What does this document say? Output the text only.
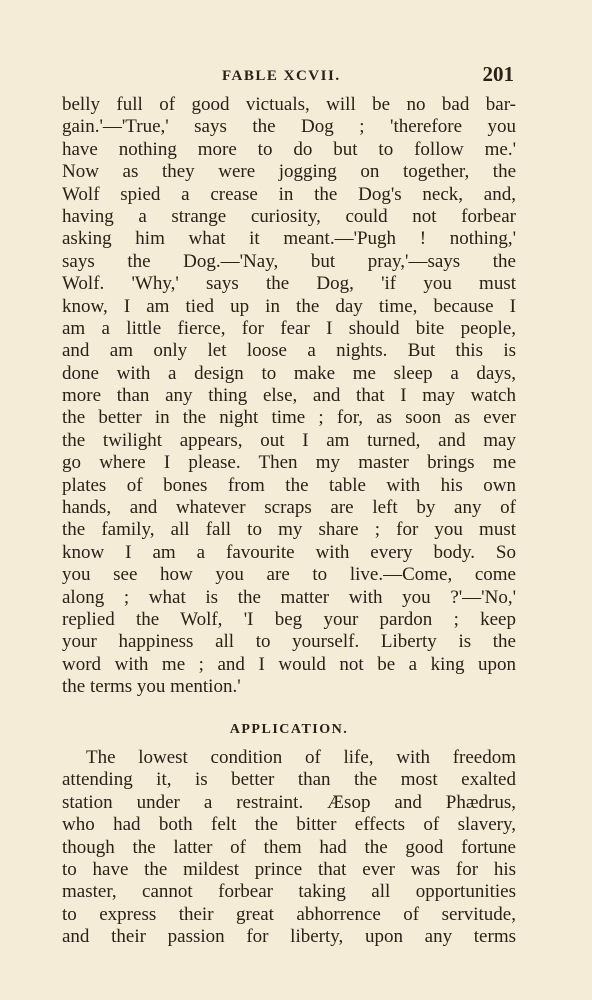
FABLE XCVII.	201
belly full of good victuals, will be no bad bar-
gain.'—'True,' says the Dog ; 'therefore you
have nothing more to do but to follow me.'
Now as they were jogging on together, the
Wolf spied a crease in the Dog's neck, and,
having a strange curiosity, could not forbear
asking him what it meant.—'Pugh ! nothing,'
says the Dog.—'Nay, but pray,'—says the
Wolf. 'Why,' says the Dog, 'if you must
know, I am tied up in the day time, because I
am a little fierce, for fear I should bite people,
and am only let loose a nights. But this is
done with a design to make me sleep a days,
more than any thing else, and that I may watch
the better in the night time ; for, as soon as ever
the twilight appears, out I am turned, and may
go where I please. Then my master brings me
plates of bones from the table with his own
hands, and whatever scraps are left by any of
the family, all fall to my share ; for you must
know I am a favourite with every body. So
you see how you are to live.—Come, come
along ; what is the matter with you ?'—'No,'
replied the Wolf, 'I beg your pardon ; keep
your happiness all to yourself. Liberty is the
word with me ; and I would not be a king upon
the terms you mention.'
APPLICATION.
The lowest condition of life, with freedom
attending it, is better than the most exalted
station under a restraint. Æsop and Phædrus,
who had both felt the bitter effects of slavery,
though the latter of them had the good fortune
to have the mildest prince that ever was for his
master, cannot forbear taking all opportunities
to express their great abhorrence of servitude,
and their passion for liberty, upon any terms
